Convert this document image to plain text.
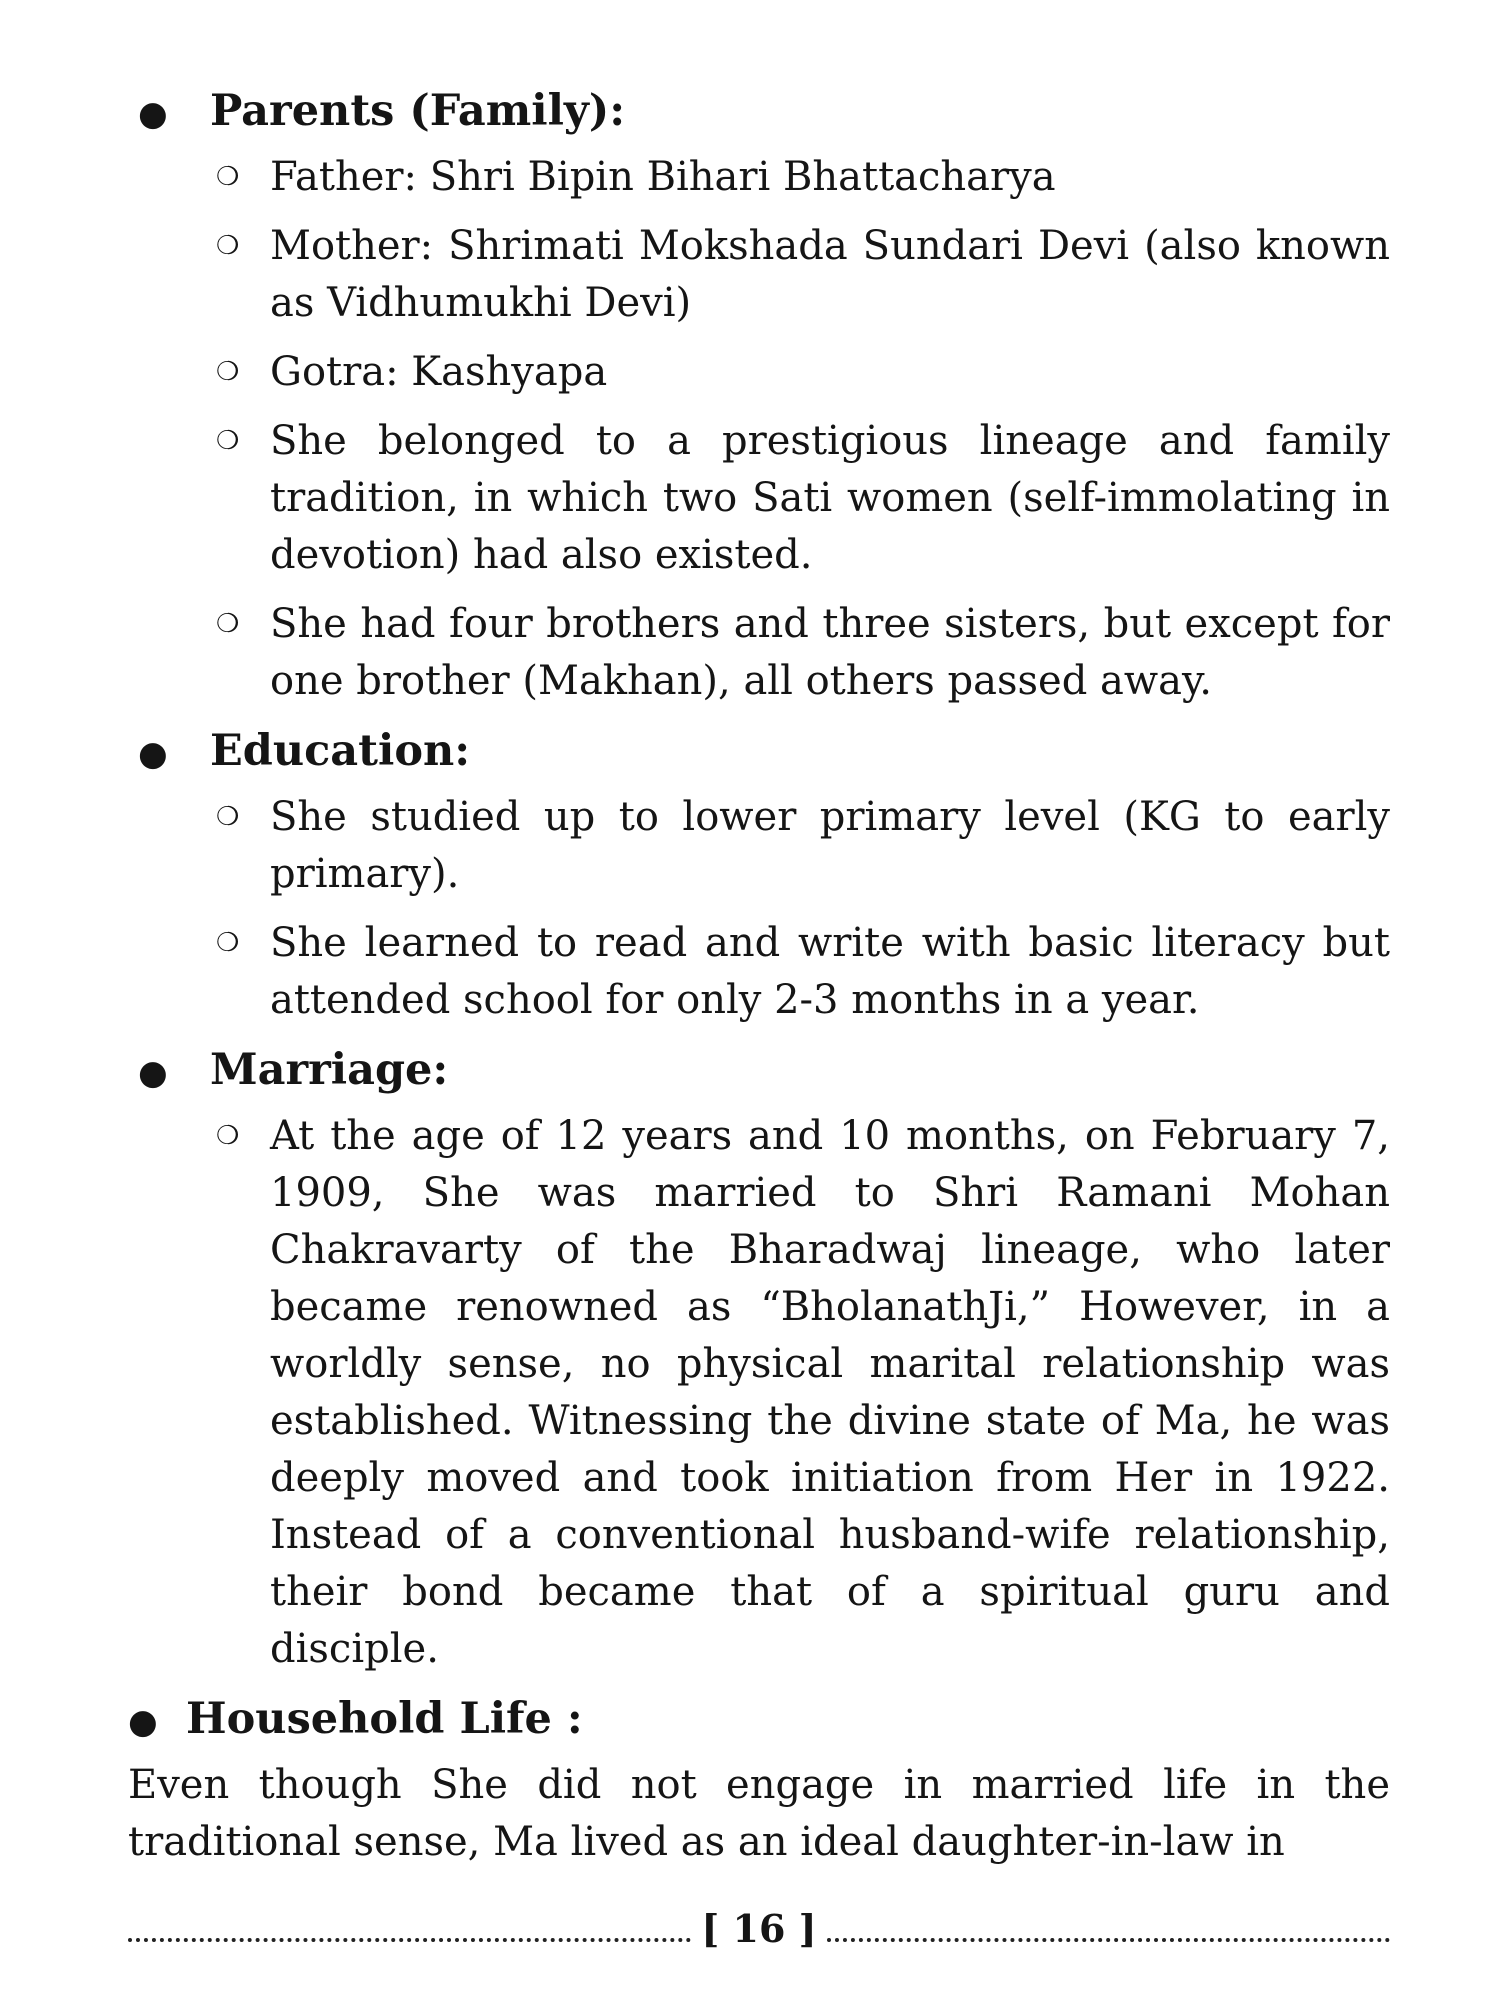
● Parents (Family):
❍ Father: Shri Bipin Bihari Bhattacharya
❍ Mother: Shrimati Mokshada Sundari Devi (also known as Vidhumukhi Devi)
❍ Gotra: Kashyapa
❍ She belonged to a prestigious lineage and family tradition, in which two Sati women (self-immolating in devotion) had also existed.
❍ She had four brothers and three sisters, but except for one brother (Makhan), all others passed away.
● Education:
❍ She studied up to lower primary level (KG to early primary).
❍ She learned to read and write with basic literacy but attended school for only 2-3 months in a year.
● Marriage:
❍ At the age of 12 years and 10 months, on February 7, 1909, She was married to Shri Ramani Mohan Chakravarty of the Bharadwaj lineage, who later became renowned as “BholanathJi,” However, in a worldly sense, no physical marital relationship was established. Witnessing the divine state of Ma, he was deeply moved and took initiation from Her in 1922. Instead of a conventional husband-wife relationship, their bond became that of a spiritual guru and disciple.
● Household Life :

Even though She did not engage in married life in the traditional sense, Ma lived as an ideal daughter-in-law in

[ 16 ]
